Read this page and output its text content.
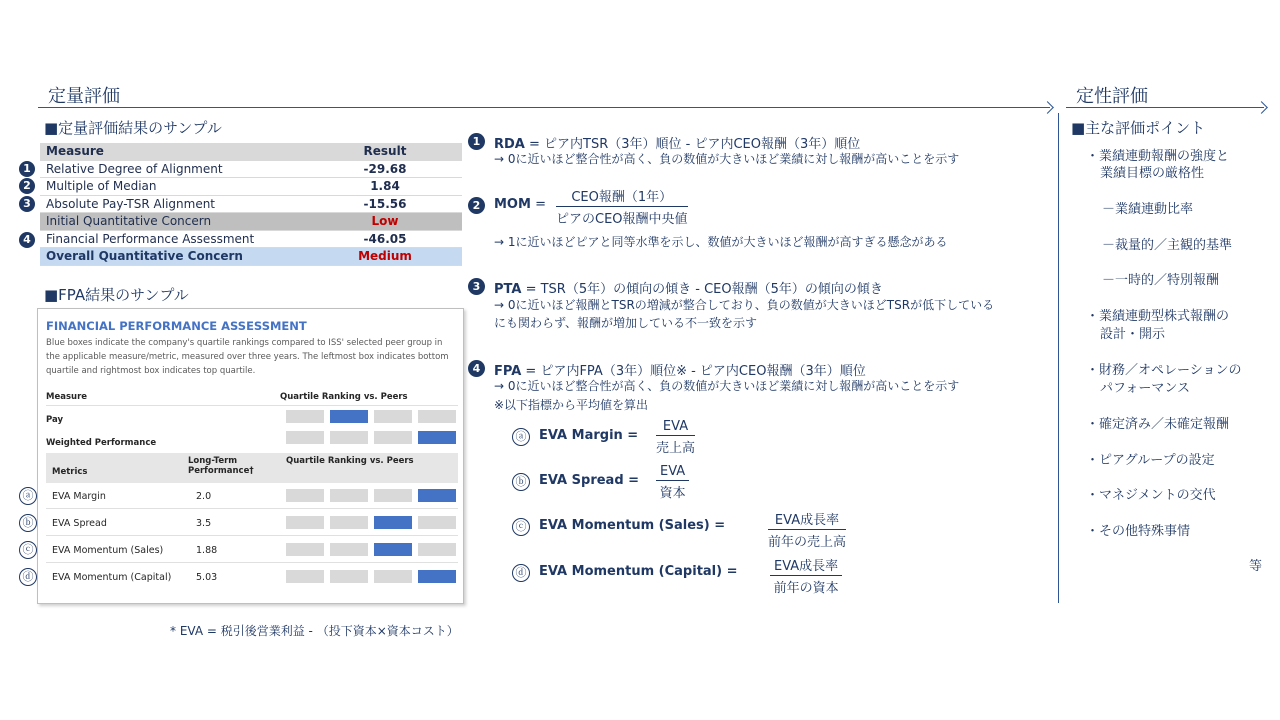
定量評価	定性評価
■定量評価結果のサンプル
Measure	Result
Relative Degree of Alignment	-29.68
Multiple of Median	1.84
Absolute Pay-TSR Alignment	-15.56
Initial Quantitative Concern	Low
Financial Performance Assessment	-46.05
Overall Quantitative Concern	Medium
1
2
3
4
■FPA結果のサンプル
FINANCIAL PERFORMANCE ASSESSMENT
Blue boxes indicate the company's quartile rankings compared to ISS' selected peer group in the applicable measure/metric, measured over three years. The leftmost box indicates bottom quartile and rightmost box indicates top quartile.
Measure	Quartile Ranking vs. Peers
Pay
Weighted Performance
Metrics
Long-Term
Performance†
Quartile Ranking vs. Peers
EVA Margin	2.0
EVA Spread	3.5
EVA Momentum (Sales)	1.88
EVA Momentum (Capital)	5.03
ⓐ
ⓑ
ⓒ
ⓓ
* EVA = 税引後営業利益 - （投下資本×資本コスト）
1	RDA = ピア内TSR（3年）順位 - ピア内CEO報酬（3年）順位
→ 0に近いほど整合性が高く、負の数値が大きいほど業績に対し報酬が高いことを示す
2	MOM =	CEO報酬（1年）
ピアのCEO報酬中央値
→ 1に近いほどピアと同等水準を示し、数値が大きいほど報酬が高すぎる懸念がある
3	PTA = TSR（5年）の傾向の傾き - CEO報酬（5年）の傾向の傾き
→ 0に近いほど報酬とTSRの増減が整合しており、負の数値が大きいほどTSRが低下している
にも関わらず、報酬が増加している不一致を示す
4	FPA = ピア内FPA（3年）順位※ - ピア内CEO報酬（3年）順位
→ 0に近いほど整合性が高く、負の数値が大きいほど業績に対し報酬が高いことを示す
※以下指標から平均値を算出
ⓐ EVA Margin =
EVA
売上高
ⓑ EVA Spread =
EVA
資本
ⓒ EVA Momentum (Sales) =	EVA成長率
前年の売上高
ⓓ EVA Momentum (Capital) =	EVA成長率
前年の資本
■主な評価ポイント
・業績連動報酬の強度と
業績目標の厳格性
－業績連動比率
－裁量的／主観的基準
－一時的／特別報酬
・業績連動型株式報酬の
設計・開示
・財務／オペレーションの
パフォーマンス
・確定済み／未確定報酬
・ピアグループの設定
・マネジメントの交代
・その他特殊事情
等
